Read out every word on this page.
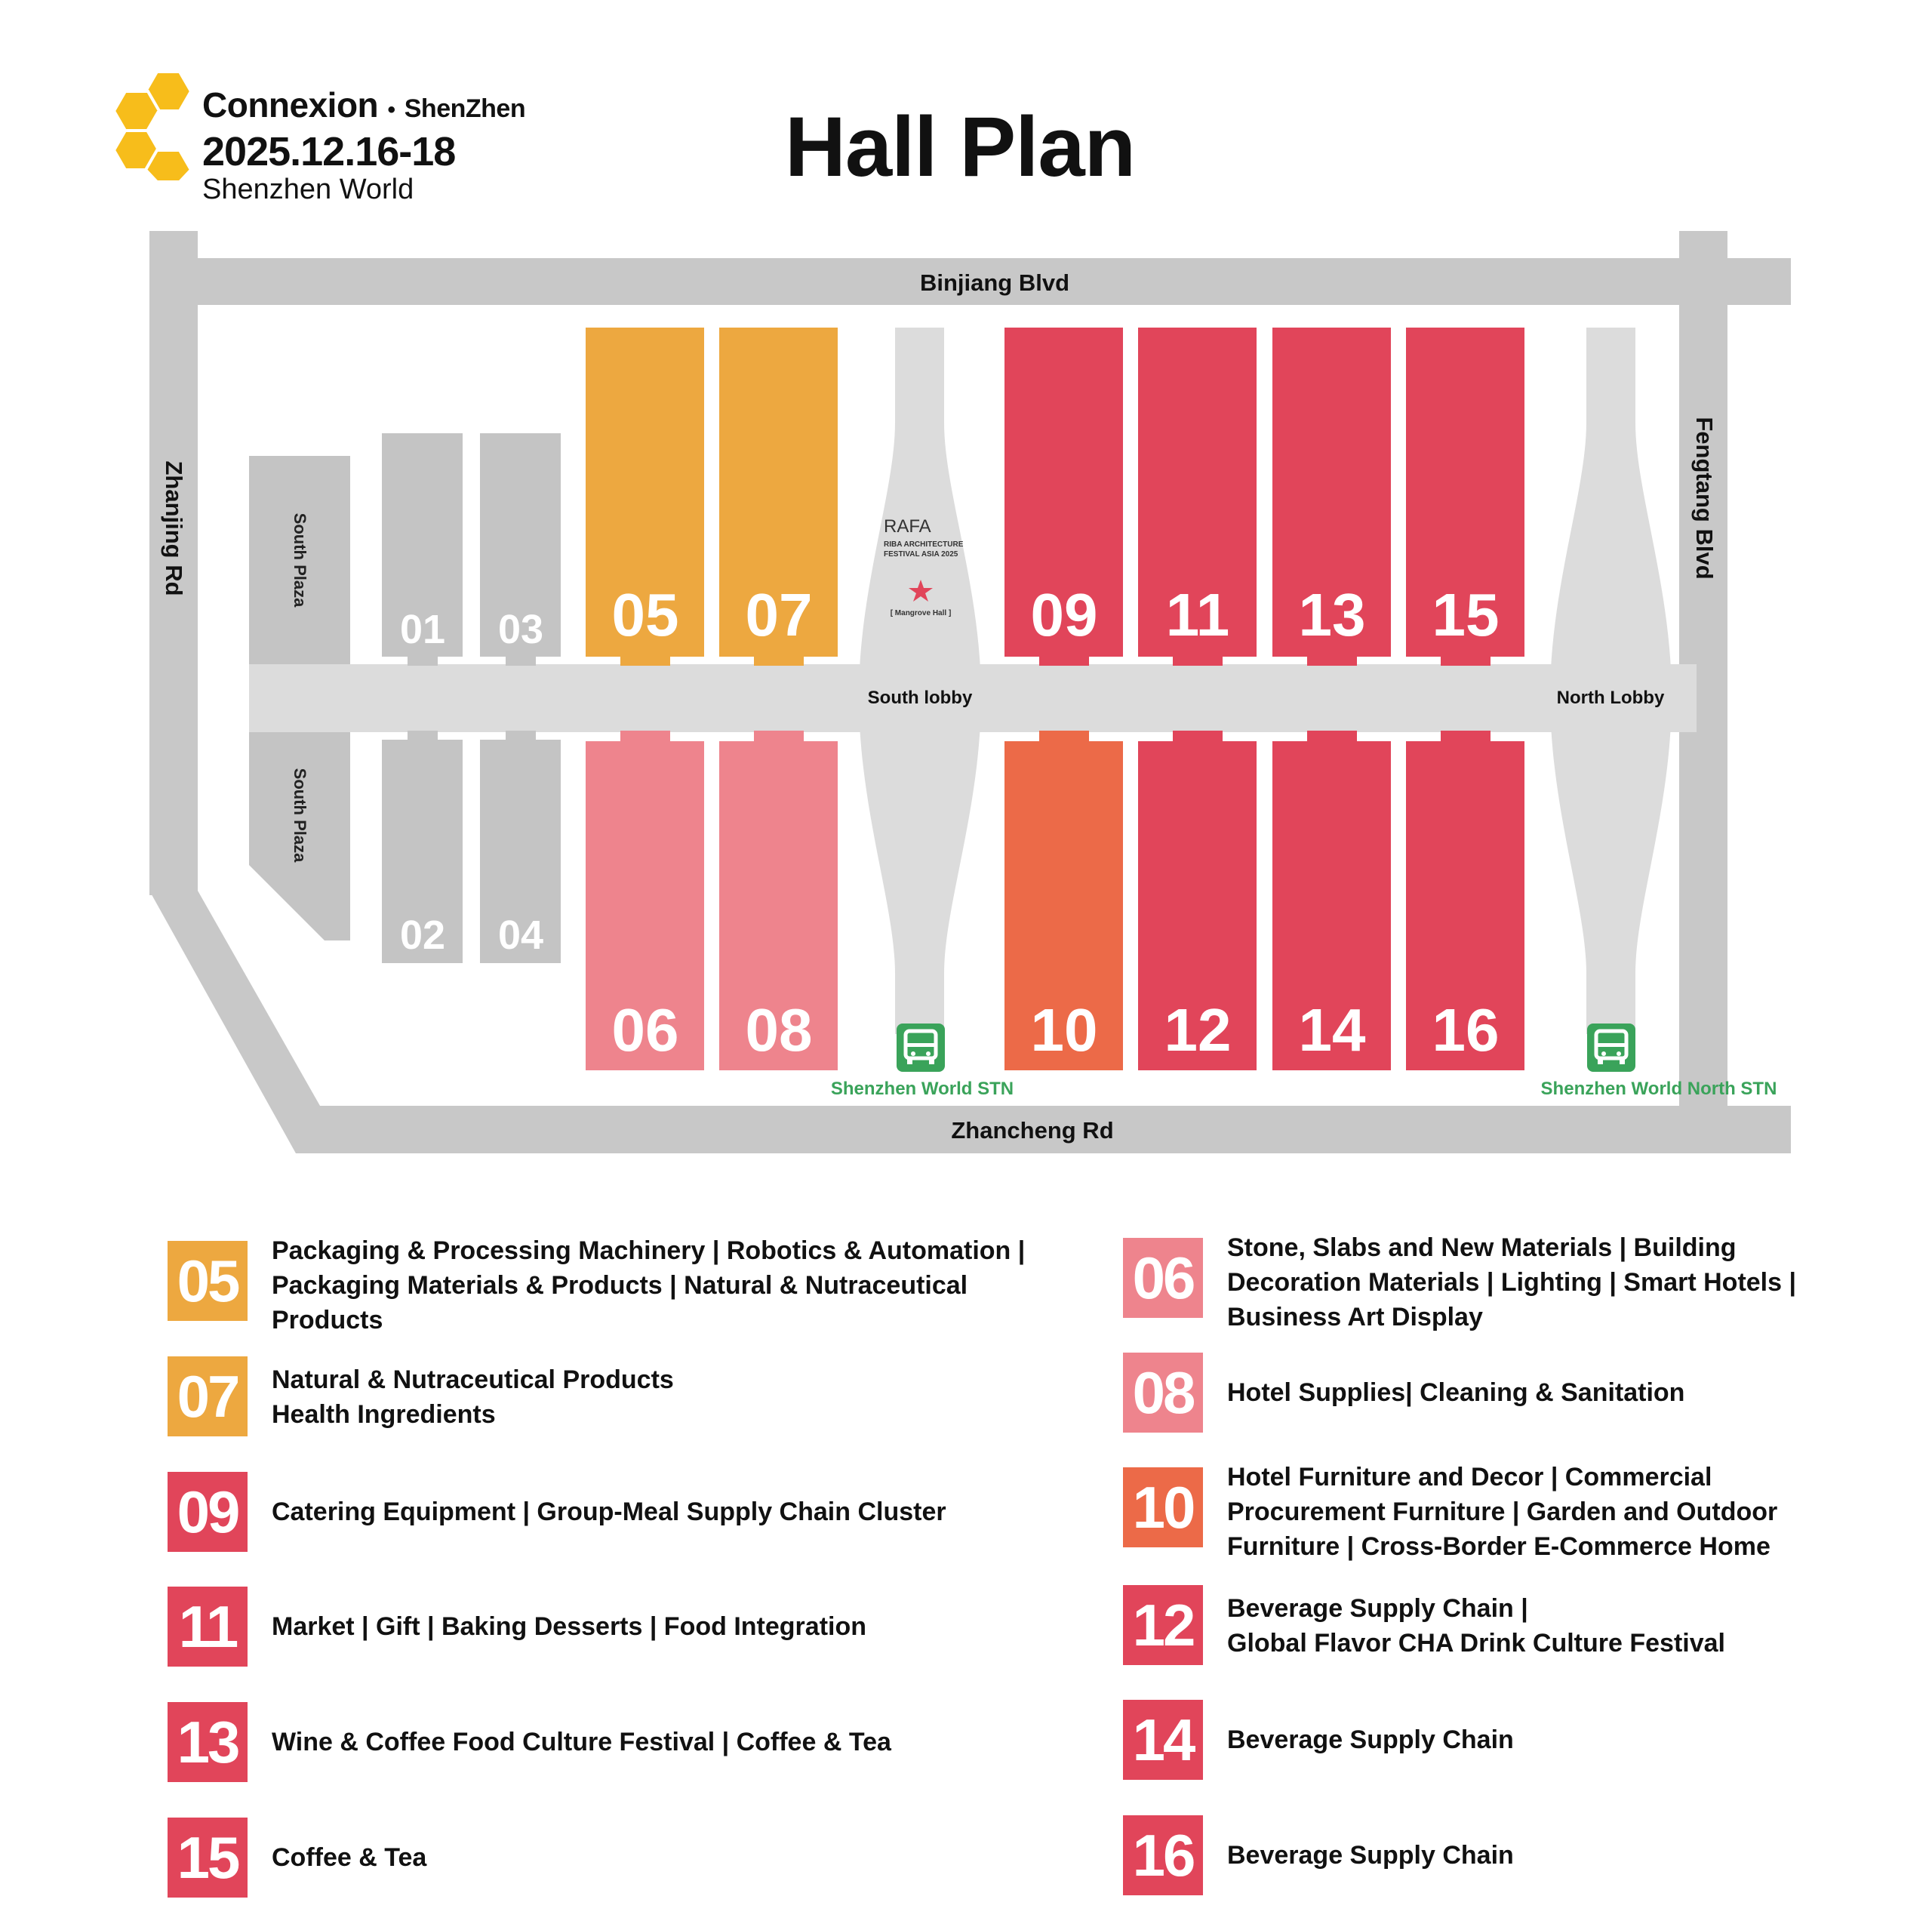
Binjiang Blvd
Zhancheng Rd
Zhanjing Rd	Fengtang Blvd
South Plaza
South Plaza
01 03
02 04
05 07	09 11 13 15
06 08	10 12 14 16
RAFA
RIBA ARCHITECTURE
FESTIVAL ASIA 2025
[ Mangrove Hall ]
South lobby	North Lobby
Shenzhen World STN	Shenzhen World North STN
Connexion • ShenZhen
2025.12.16-18
Shenzhen World	Hall Plan
05	Packaging & Processing Machinery | Robotics & Automation |
Packaging Materials & Products | Natural & Nutraceutical
Products
07	Natural & Nutraceutical Products
Health Ingredients
09	Catering Equipment | Group-Meal Supply Chain Cluster
11	Market | Gift | Baking Desserts | Food Integration
13	Wine & Coffee Food Culture Festival | Coffee & Tea
15	Coffee & Tea
06	Stone, Slabs and New Materials | Building
Decoration Materials | Lighting | Smart Hotels |
Business Art Display
08	Hotel Supplies| Cleaning & Sanitation
10	Hotel Furniture and Decor | Commercial
Procurement Furniture | Garden and Outdoor
Furniture | Cross-Border E-Commerce Home
12	Beverage Supply Chain |
Global Flavor CHA Drink Culture Festival
14	Beverage Supply Chain
16	Beverage Supply Chain
